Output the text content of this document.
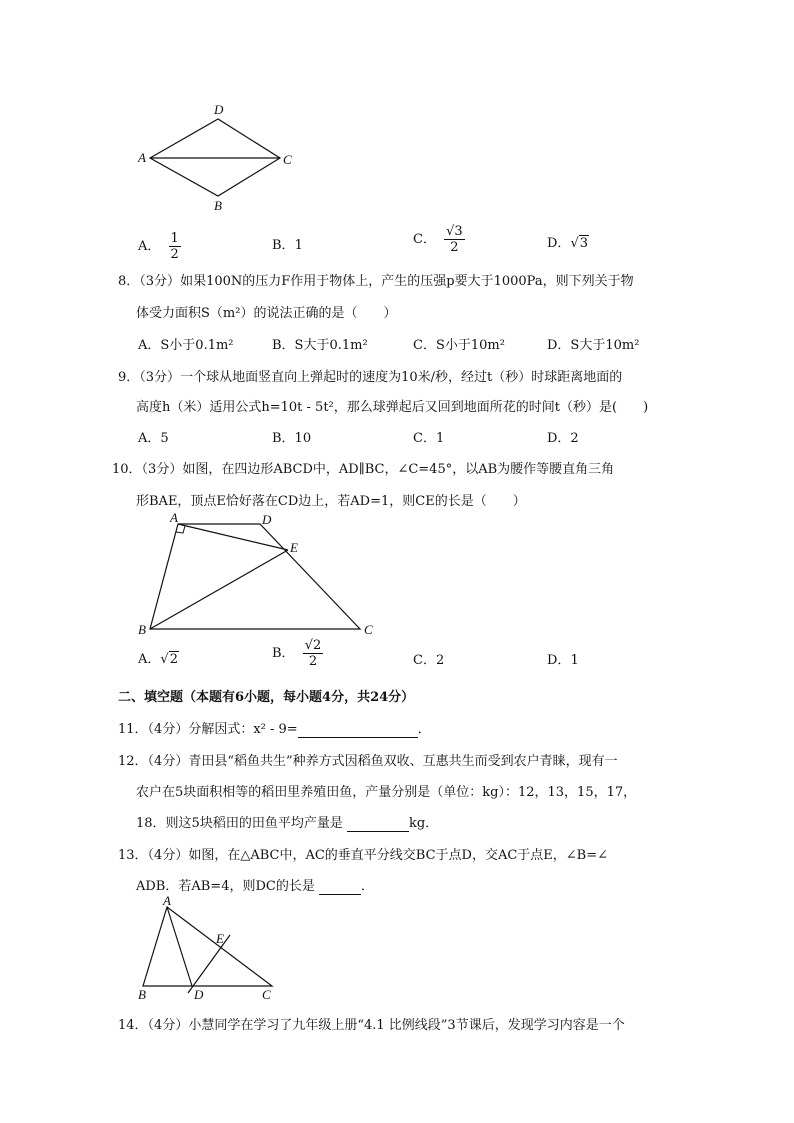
D
A	C
B
A． $\frac{1}{2}$	B．1	C． $\frac{√3}{2}$	D．√3
8．（3分）如果100N的压力F作用于物体上，产生的压强p要大于1000Pa，则下列关于物
体受力面积S（m²）的说法正确的是（　　）
A．S小于0.1m²	B．S大于0.1m²	C．S小于10m²	D．S大于10m²
9．（3分）一个球从地面竖直向上弹起时的速度为10米/秒，经过t（秒）时球距离地面的
高度h（米）适用公式h=10t - 5t²，那么球弹起后又回到地面所花的时间t（秒）是(　　)
A．5	B．10	C．1	D．2
10．（3分）如图，在四边形ABCD中，AD∥BC，∠C=45°，以AB为腰作等腰直角三角
形BAE，顶点E恰好落在CD边上，若AD=1，则CE的长是（　　）
A	D
E
B	C
A．√2	B． $\frac{√2}{2}$	C．2	D．1
二、填空题（本题有6小题，每小题4分，共24分）
11．（4分）分解因式：x² - 9=	．
12．（4分）青田县“稻鱼共生”种养方式因稻鱼双收、互惠共生而受到农户青睐，现有一
农户在5块面积相等的稻田里养殖田鱼，产量分别是（单位：kg）：12，13，15，17，
18．则这5块稻田的田鱼平均产量是	kg．
13．（4分）如图，在△ABC中，AC的垂直平分线交BC于点D，交AC于点E，∠B=∠
ADB．若AB=4，则DC的长是	．
A
E
B	D	C
14．（4分）小慧同学在学习了九年级上册“4.1 比例线段”3节课后，发现学习内容是一个
